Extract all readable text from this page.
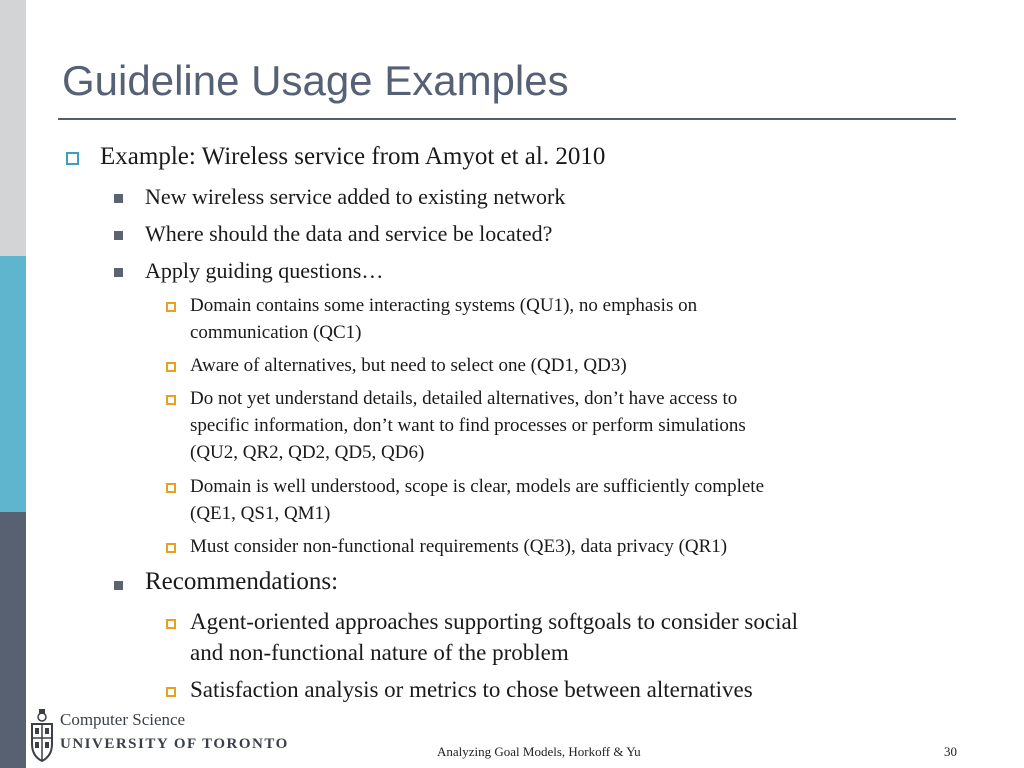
Guideline Usage Examples
Example: Wireless service from Amyot et al. 2010
New wireless service added to existing network
Where should the data and service be located?
Apply guiding questions…
Domain contains some interacting systems (QU1), no emphasis on
communication (QC1)
Aware of alternatives, but need to select one (QD1, QD3)
Do not yet understand details, detailed alternatives, don’t have access to
specific information, don’t want to find processes or perform simulations
(QU2, QR2, QD2, QD5, QD6)
Domain is well understood, scope is clear, models are sufficiently complete
(QE1, QS1, QM1)
Must consider non-functional requirements (QE3), data privacy (QR1)
Recommendations:
Agent-oriented approaches supporting softgoals to consider social
and non-functional nature of the problem
Satisfaction analysis or metrics to chose between alternatives
Computer Science
UNIVERSITY OF TORONTO	Analyzing Goal Models, Horkoff & Yu	30
